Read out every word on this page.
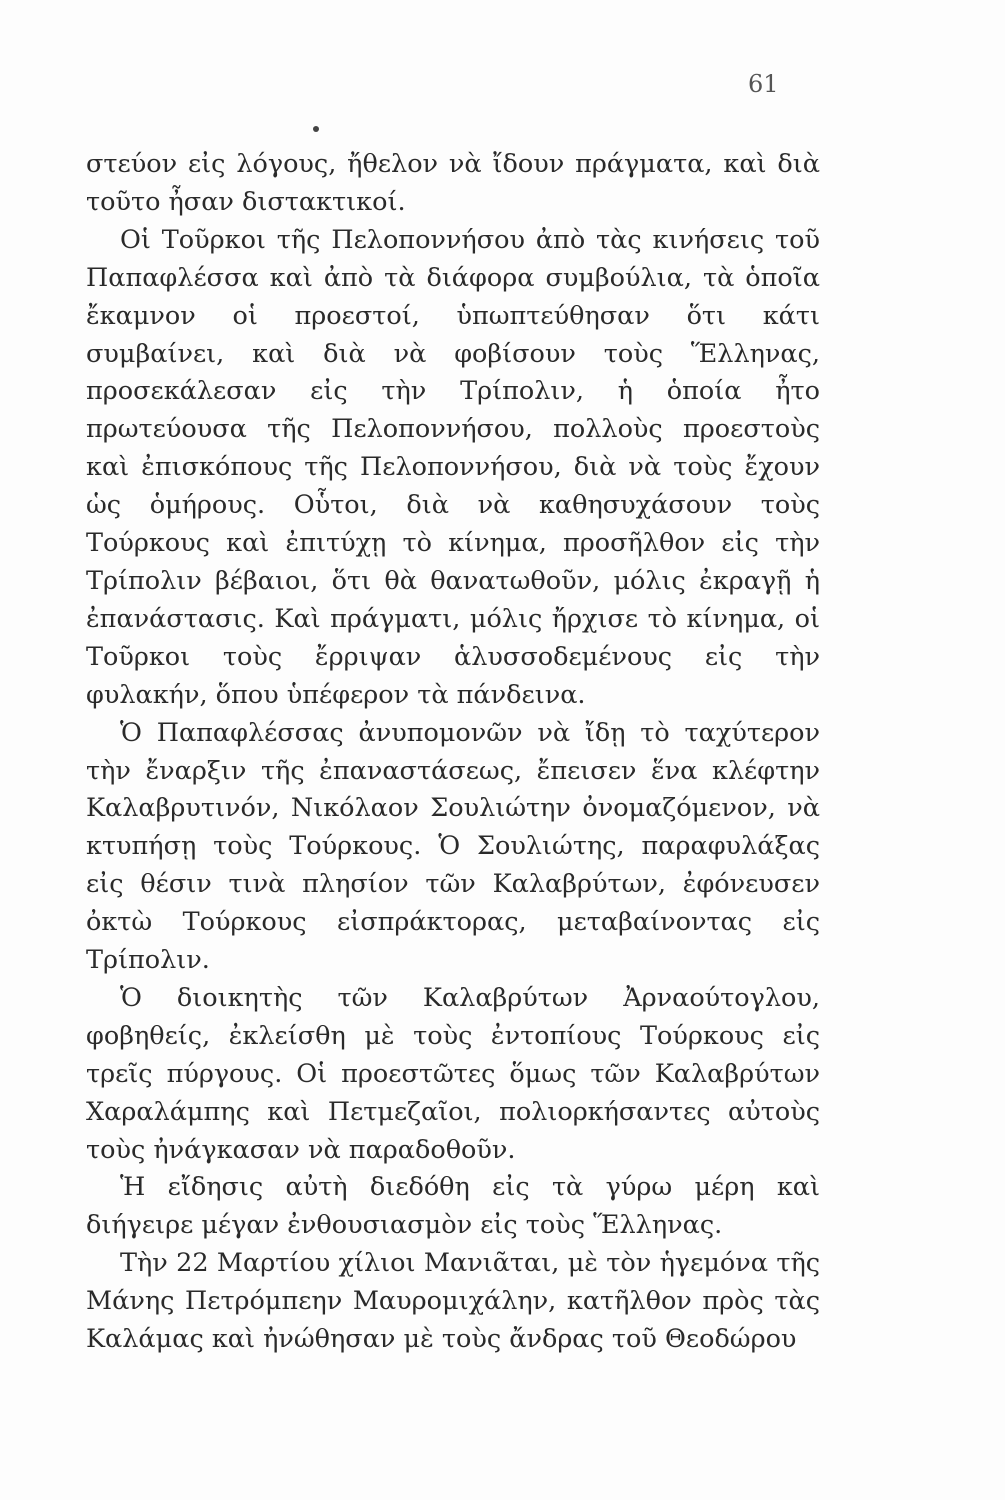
61

στεύον εἰς λόγους, ἤθελον νὰ ἴδουν πράγματα, καὶ διὰ τοῦτο ἦσαν διστακτικοί.

Οἱ Τοῦρκοι τῆς Πελοποννήσου ἀπὸ τὰς κινήσεις τοῦ Παπαφλέσσα καὶ ἀπὸ τὰ διάφορα συμβούλια, τὰ ὁποῖα ἔκαμνον οἱ προεστοί, ὑπωπτεύθησαν ὅτι κάτι συμβαίνει, καὶ διὰ νὰ φοβίσουν τοὺς Ἕλληνας, προσεκάλεσαν εἰς τὴν Τρίπολιν, ἡ ὁποία ἦτο πρωτεύουσα τῆς Πελοποννήσου, πολλοὺς προεστοὺς καὶ ἐπισκόπους τῆς Πελοποννήσου, διὰ νὰ τοὺς ἔχουν ὡς ὁμήρους. Οὗτοι, διὰ νὰ καθησυχάσουν τοὺς Τούρκους καὶ ἐπιτύχῃ τὸ κίνημα, προσῆλθον εἰς τὴν Τρίπολιν βέβαιοι, ὅτι θὰ θανατωθοῦν, μόλις ἐκραγῇ ἡ ἐπανάστασις. Καὶ πράγματι, μόλις ἤρχισε τὸ κίνημα, οἱ Τοῦρκοι τοὺς ἔρριψαν ἁλυσσοδεμένους εἰς τὴν φυλακήν, ὅπου ὑπέφερον τὰ πάνδεινα.

Ὁ Παπαφλέσσας ἀνυπομονῶν νὰ ἴδῃ τὸ ταχύτερον τὴν ἔναρξιν τῆς ἐπαναστάσεως, ἔπεισεν ἕνα κλέφτην Καλαβρυτινόν, Νικόλαον Σουλιώτην ὀνομαζόμενον, νὰ κτυπήσῃ τοὺς Τούρκους. Ὁ Σουλιώτης, παραφυλάξας εἰς θέσιν τινὰ πλησίον τῶν Καλαβρύτων, ἐφόνευσεν ὀκτὼ Τούρκους εἰσπράκτορας, μεταβαίνοντας εἰς Τρίπολιν.

Ὁ διοικητὴς τῶν Καλαβρύτων Ἀρναούτογλου, φοβηθείς, ἐκλείσθη μὲ τοὺς ἐντοπίους Τούρκους εἰς τρεῖς πύργους. Οἱ προεστῶτες ὅμως τῶν Καλαβρύτων Χαραλάμπης καὶ Πετμεζαῖοι, πολιορκήσαντες αὐτοὺς τοὺς ἠνάγκασαν νὰ παραδοθοῦν.

Ἡ εἴδησις αὐτὴ διεδόθη εἰς τὰ γύρω μέρη καὶ διήγειρε μέγαν ἐνθουσιασμὸν εἰς τοὺς Ἕλληνας.

Τὴν 22 Μαρτίου χίλιοι Μανιᾶται, μὲ τὸν ἡγεμόνα τῆς Μάνης Πετρόμπεην Μαυρομιχάλην, κατῆλθον πρὸς τὰς Καλάμας καὶ ἠνώθησαν μὲ τοὺς ἄνδρας τοῦ Θεοδώρου
